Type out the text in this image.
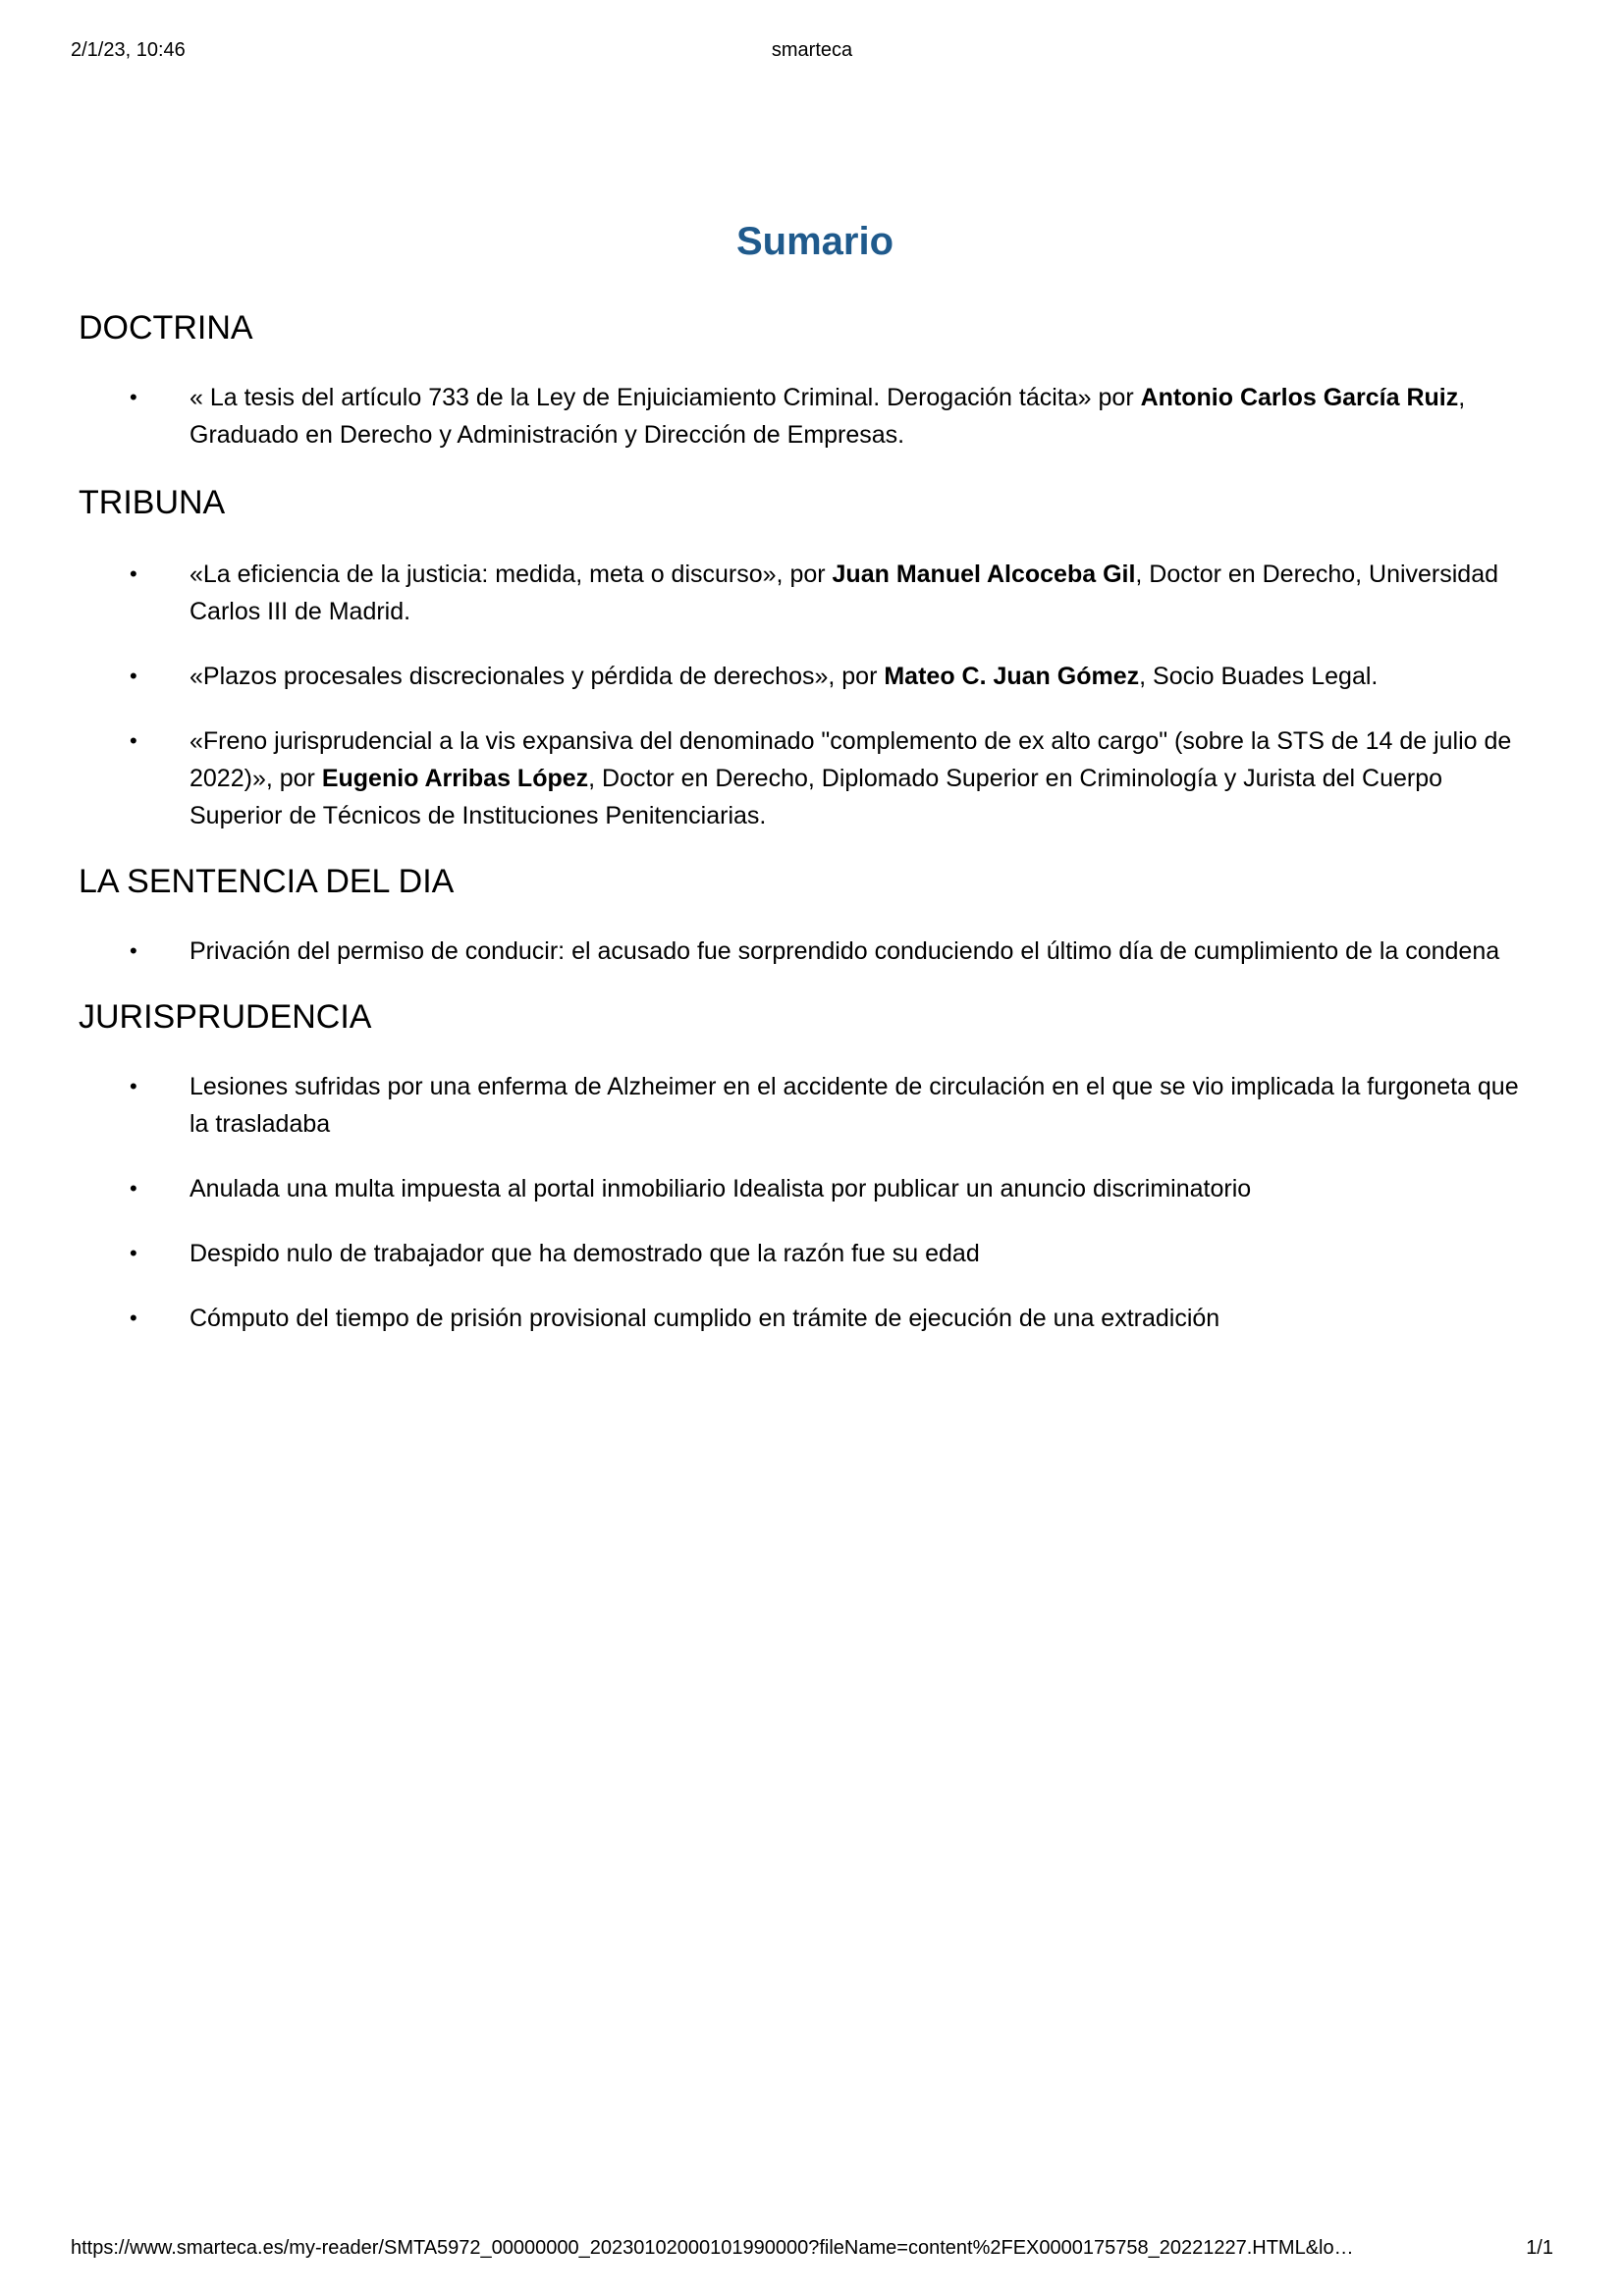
2/1/23, 10:46	smarteca
Sumario
DOCTRINA
• « La tesis del artículo 733 de la Ley de Enjuiciamiento Criminal. Derogación tácita» por Antonio Carlos García Ruiz, Graduado en Derecho y Administración y Dirección de Empresas.
TRIBUNA
• «La eficiencia de la justicia: medida, meta o discurso», por Juan Manuel Alcoceba Gil, Doctor en Derecho, Universidad Carlos III de Madrid.
• «Plazos procesales discrecionales y pérdida de derechos», por Mateo C. Juan Gómez, Socio Buades Legal.
• «Freno jurisprudencial a la vis expansiva del denominado "complemento de ex alto cargo" (sobre la STS de 14 de julio de 2022)», por Eugenio Arribas López, Doctor en Derecho, Diplomado Superior en Criminología y Jurista del Cuerpo Superior de Técnicos de Instituciones Penitenciarias.
LA SENTENCIA DEL DIA
• Privación del permiso de conducir: el acusado fue sorprendido conduciendo el último día de cumplimiento de la condena
JURISPRUDENCIA
• Lesiones sufridas por una enferma de Alzheimer en el accidente de circulación en el que se vio implicada la furgoneta que la trasladaba
• Anulada una multa impuesta al portal inmobiliario Idealista por publicar un anuncio discriminatorio
• Despido nulo de trabajador que ha demostrado que la razón fue su edad
• Cómputo del tiempo de prisión provisional cumplido en trámite de ejecución de una extradición
https://www.smarteca.es/my-reader/SMTA5972_00000000_20230102000101990000?fileName=content%2FEX0000175758_20221227.HTML&lo…	1/1
